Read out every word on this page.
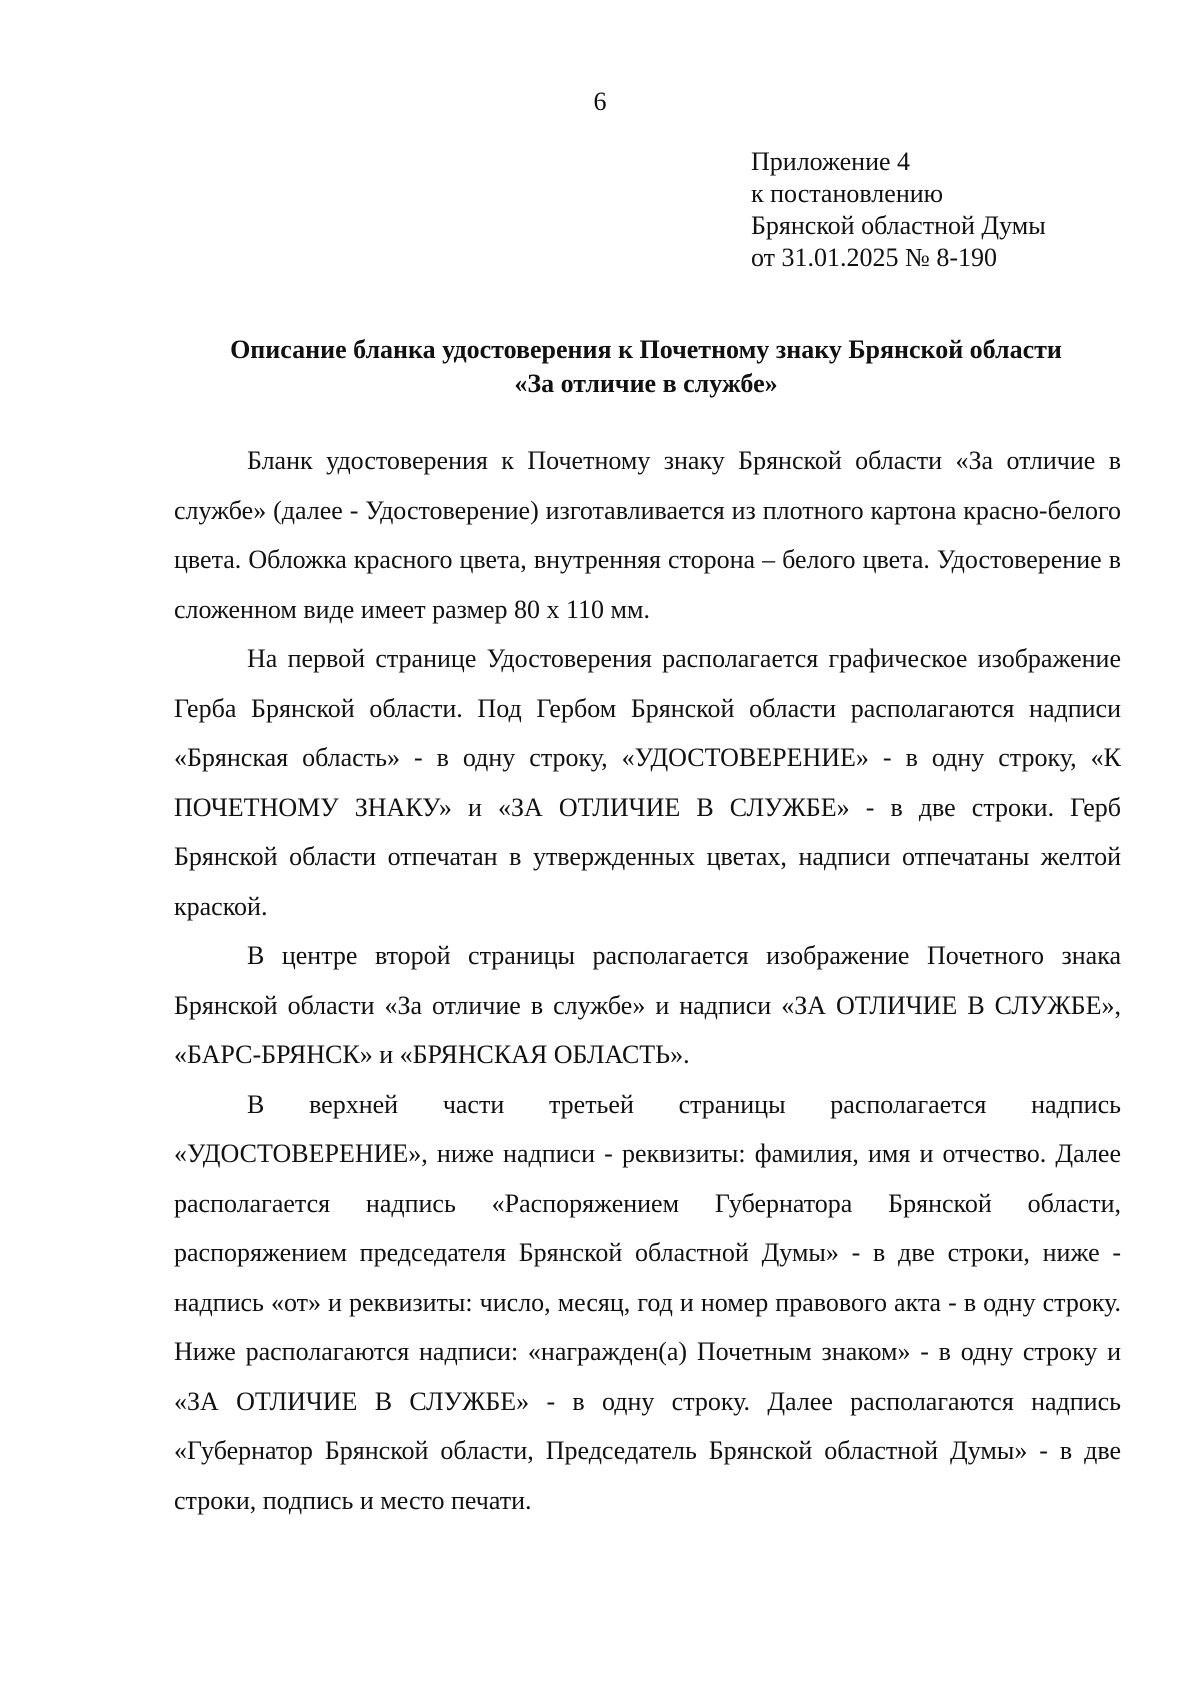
6
Приложение 4
к постановлению
Брянской областной Думы
от 31.01.2025 № 8-190
Описание бланка удостоверения к Почетному знаку Брянской области
«За отличие в службе»

Бланк удостоверения к Почетному знаку Брянской области «За отличие в службе» (далее - Удостоверение) изготавливается из плотного картона красно-белого цвета. Обложка красного цвета, внутренняя сторона – белого цвета. Удостоверение в сложенном виде имеет размер 80 x 110 мм.

На первой странице Удостоверения располагается графическое изображение Герба Брянской области. Под Гербом Брянской области располагаются надписи «Брянская область» - в одну строку, «УДОСТОВЕРЕНИЕ» - в одну строку, «К ПОЧЕТНОМУ ЗНАКУ» и «ЗА ОТЛИЧИЕ В СЛУЖБЕ» - в две строки. Герб Брянской области отпечатан в утвержденных цветах, надписи отпечатаны желтой краской.

В центре второй страницы располагается изображение Почетного знака Брянской области «За отличие в службе» и надписи «ЗА ОТЛИЧИЕ В СЛУЖБЕ», «БАРС-БРЯНСК» и «БРЯНСКАЯ ОБЛАСТЬ».

В верхней части третьей страницы располагается надпись «УДОСТОВЕРЕНИЕ», ниже надписи - реквизиты: фамилия, имя и отчество. Далее располагается надпись «Распоряжением Губернатора Брянской области, распоряжением председателя Брянской областной Думы» - в две строки, ниже - надпись «от» и реквизиты: число, месяц, год и номер правового акта - в одну строку. Ниже располагаются надписи: «награжден(а) Почетным знаком» - в одну строку и «ЗА ОТЛИЧИЕ В СЛУЖБЕ» - в одну строку. Далее располагаются надпись «Губернатор Брянской области, Председатель Брянской областной Думы» - в две строки, подпись и место печати.
